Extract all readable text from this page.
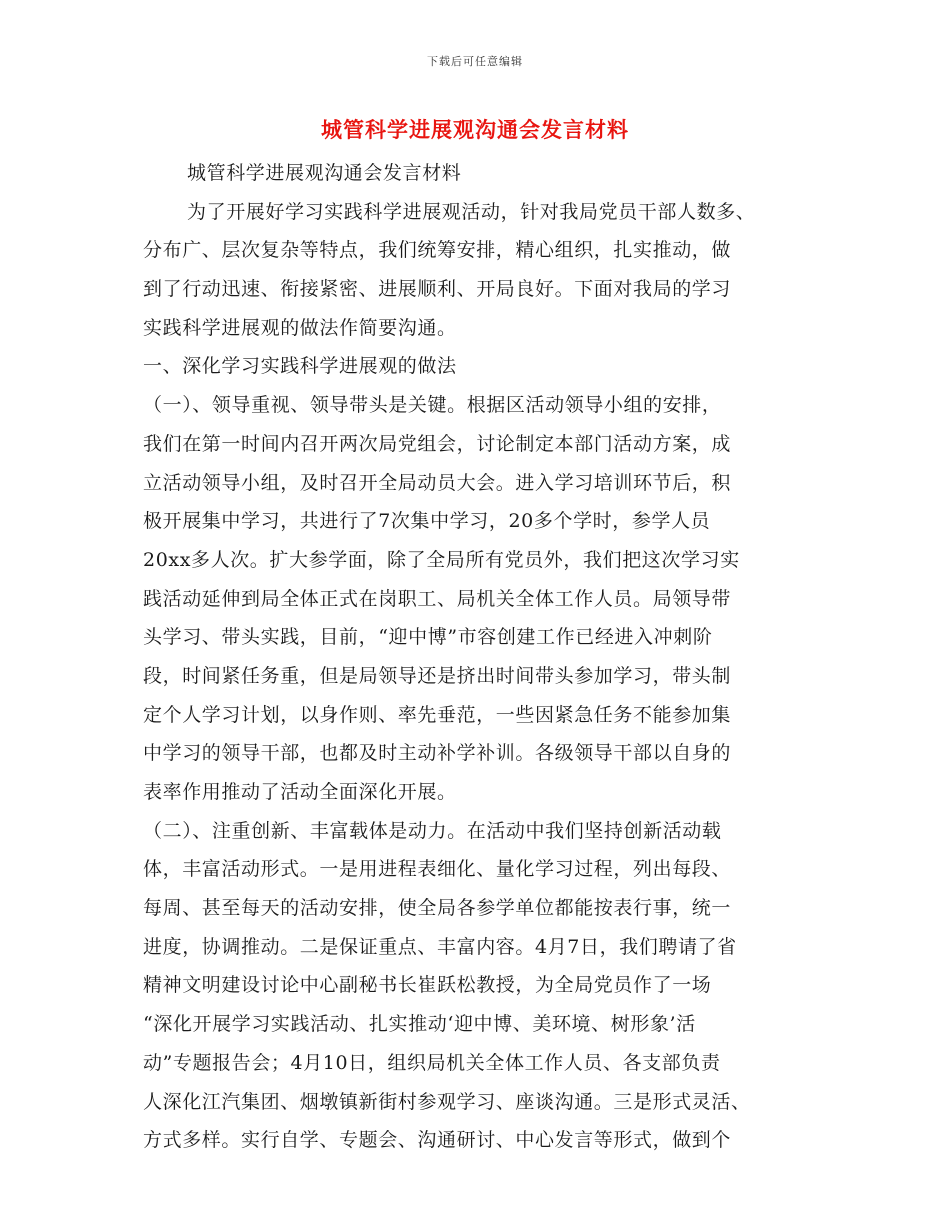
下载后可任意编辑
城管科学进展观沟通会发言材料
城管科学进展观沟通会发言材料
为了开展好学习实践科学进展观活动，针对我局党员干部人数多、
分布广、层次复杂等特点，我们统筹安排，精心组织，扎实推动，做
到了行动迅速、衔接紧密、进展顺利、开局良好。下面对我局的学习
实践科学进展观的做法作简要沟通。
一、深化学习实践科学进展观的做法
（一）、领导重视、领导带头是关键。根据区活动领导小组的安排，
我们在第一时间内召开两次局党组会，讨论制定本部门活动方案，成
立活动领导小组，及时召开全局动员大会。进入学习培训环节后，积
极开展集中学习，共进行了7次集中学习，20多个学时，参学人员
20xx多人次。扩大参学面，除了全局所有党员外，我们把这次学习实
践活动延伸到局全体正式在岗职工、局机关全体工作人员。局领导带
头学习、带头实践，目前，“迎中博”市容创建工作已经进入冲刺阶
段，时间紧任务重，但是局领导还是挤出时间带头参加学习，带头制
定个人学习计划，以身作则、率先垂范，一些因紧急任务不能参加集
中学习的领导干部，也都及时主动补学补训。各级领导干部以自身的
表率作用推动了活动全面深化开展。
（二）、注重创新、丰富载体是动力。在活动中我们坚持创新活动载
体，丰富活动形式。一是用进程表细化、量化学习过程，列出每段、
每周、甚至每天的活动安排，使全局各参学单位都能按表行事，统一
进度，协调推动。二是保证重点、丰富内容。4月7日，我们聘请了省
精神文明建设讨论中心副秘书长崔跃松教授，为全局党员作了一场
“深化开展学习实践活动、扎实推动‘迎中博、美环境、树形象’活
动”专题报告会；4月10日，组织局机关全体工作人员、各支部负责
人深化江汽集团、烟墩镇新街村参观学习、座谈沟通。三是形式灵活、
方式多样。实行自学、专题会、沟通研讨、中心发言等形式，做到个
